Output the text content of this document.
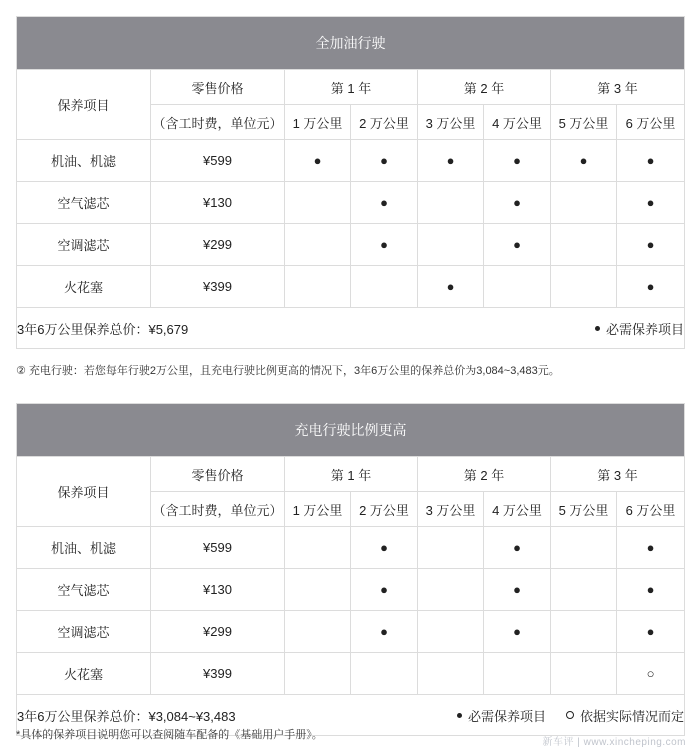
全加油行驶							
保养项目	零售价格	第 1 年		第 2 年		第 3 年	
	（含工时费，单位元）	1 万公里	2 万公里	3 万公里	4 万公里	5 万公里	6 万公里
机油、机滤	¥599	●	●	●	●	●	●
空气滤芯	¥130		●		●		●
空调滤芯	¥299		●		●		●
火花塞	¥399			●			●

3年6万公里保养总价：¥5,679 必需保养项目							
② 充电行驶：若您每年行驶2万公里，且充电行驶比例更高的情况下，3年6万公里的保养总价为3,084~3,483元。
充电行驶比例更高							
保养项目	零售价格	第 1 年		第 2 年		第 3 年	
	（含工时费，单位元）	1 万公里	2 万公里	3 万公里	4 万公里	5 万公里	6 万公里
机油、机滤	¥599		●		●		●
空气滤芯	¥130		●		●		●
空调滤芯	¥299		●		●		●
火花塞	¥399						○

3年6万公里保养总价：¥3,084~¥3,483 必需保养项目 依据实际情况而定							
*具体的保养项目说明您可以查阅随车配备的《基础用户手册》。
新车评 | www.xincheping.com
